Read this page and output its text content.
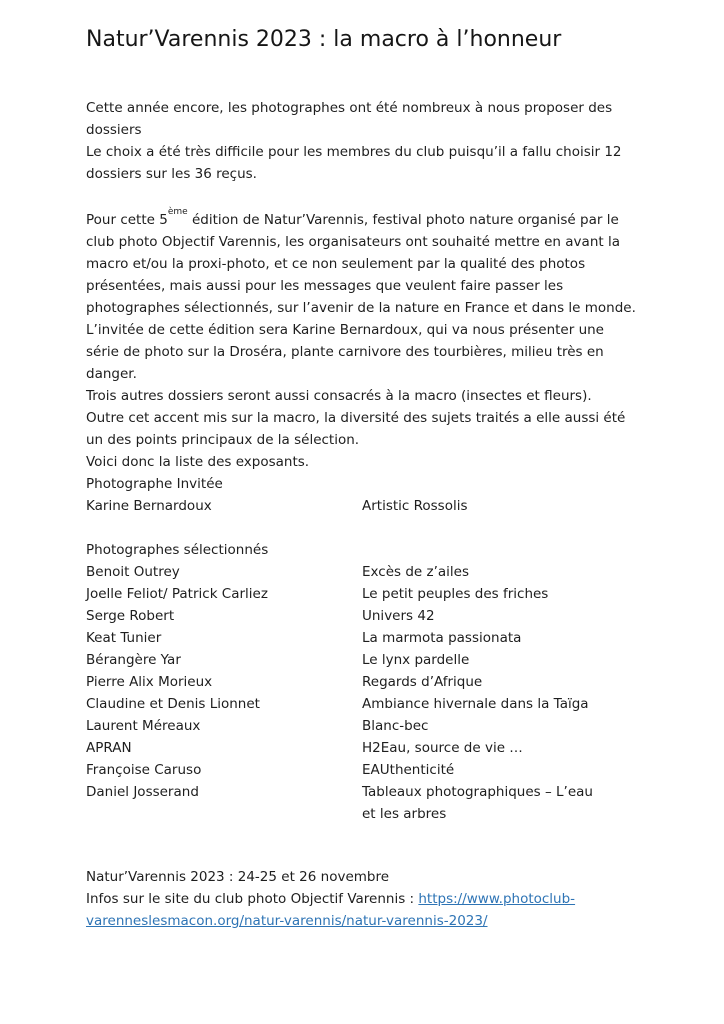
Natur’Varennis 2023 : la macro à l’honneur
Cette année encore, les photographes ont été nombreux à nous proposer des
dossiers
Le choix a été très difficile pour les membres du club puisqu’il a fallu choisir 12
dossiers sur les 36 reçus.
Pour cette 5ème édition de Natur’Varennis, festival photo nature organisé par le
club photo Objectif Varennis, les organisateurs ont souhaité mettre en avant la
macro et/ou la proxi-photo, et ce non seulement par la qualité des photos
présentées, mais aussi pour les messages que veulent faire passer les
photographes sélectionnés, sur l’avenir de la nature en France et dans le monde.
L’invitée de cette édition sera Karine Bernardoux, qui va nous présenter une
série de photo sur la Droséra, plante carnivore des tourbières, milieu très en
danger.
Trois autres dossiers seront aussi consacrés à la macro (insectes et fleurs).
Outre cet accent mis sur la macro, la diversité des sujets traités a elle aussi été
un des points principaux de la sélection.
Voici donc la liste des exposants.
Photographe Invitée
Karine Bernardoux	Artistic Rossolis
Photographes sélectionnés
Benoit Outrey	Excès de z’ailes
Joelle Feliot/ Patrick Carliez	Le petit peuples des friches
Serge Robert	Univers 42
Keat Tunier	La marmota passionata
Bérangère Yar	Le lynx pardelle
Pierre Alix Morieux	Regards d’Afrique
Claudine et Denis Lionnet	Ambiance hivernale dans la Taïga
Laurent Méreaux	Blanc-bec
APRAN	H2Eau, source de vie …
Françoise Caruso	EAUthenticité
Daniel Josserand	Tableaux photographiques – L’eau
et les arbres
Natur’Varennis 2023 : 24-25 et 26 novembre
Infos sur le site du club photo Objectif Varennis : https://www.photoclub-
varenneslesmacon.org/natur-varennis/natur-varennis-2023/
